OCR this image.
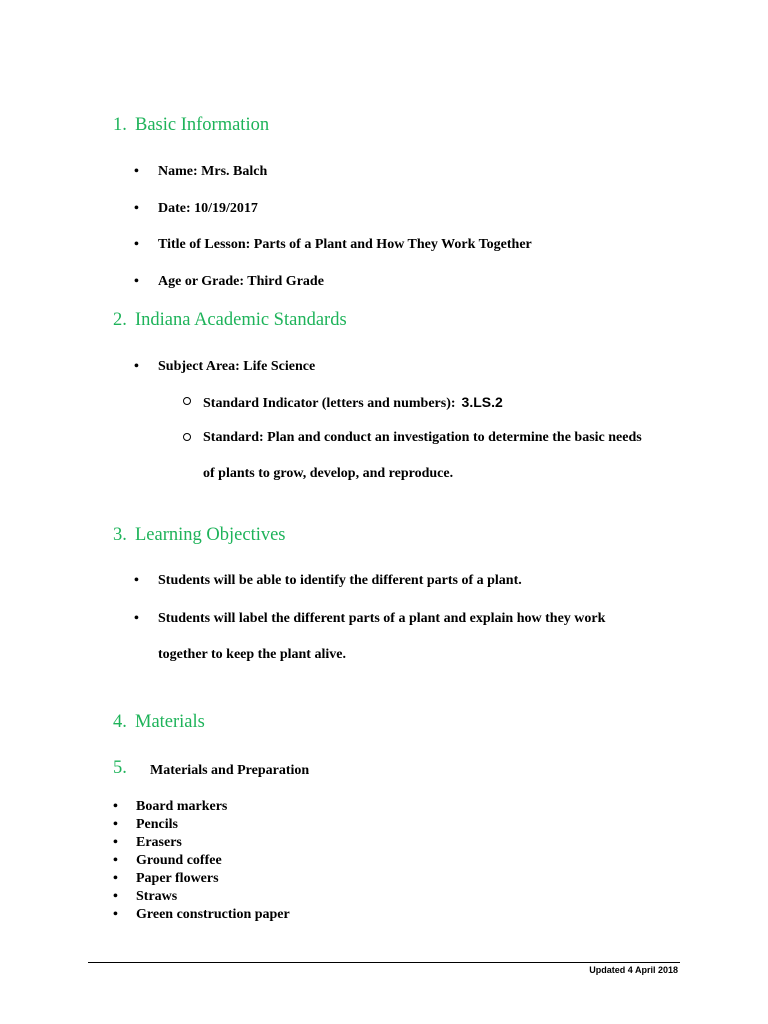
1. Basic Information
• Name: Mrs. Balch
• Date: 10/19/2017
• Title of Lesson: Parts of a Plant and How They Work Together
• Age or Grade: Third Grade
2. Indiana Academic Standards
• Subject Area: Life Science
Standard Indicator (letters and numbers): 3.LS.2
Standard: Plan and conduct an investigation to determine the basic needs
of plants to grow, develop, and reproduce.
3. Learning Objectives
• Students will be able to identify the different parts of a plant.
• Students will label the different parts of a plant and explain how they work
together to keep the plant alive.
4. Materials
5. Materials and Preparation
• Board markers
• Pencils
• Erasers
• Ground coffee
• Paper flowers
• Straws
• Green construction paper
Updated 4 April 2018
